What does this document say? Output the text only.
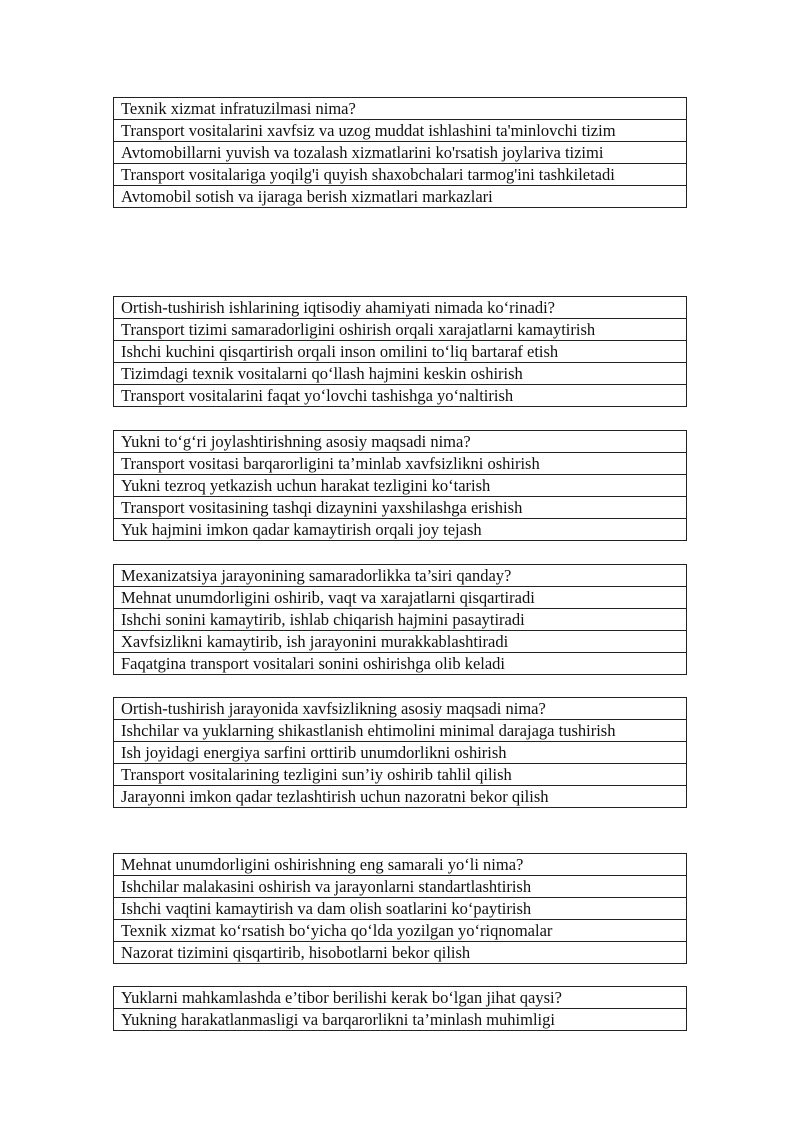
Texnik xizmat infratuzilmasi nima?
Transport vositalarini xavfsiz va uzog muddat ishlashini ta'minlovchi tizim
Avtomobillarni yuvish va tozalash xizmatlarini ko'rsatish joylariva tizimi
Transport vositalariga yoqilg'i quyish shaxobchalari tarmog'ini tashkiletadi
Avtomobil sotish va ijaraga berish xizmatlari markazlari
Ortish-tushirish ishlarining iqtisodiy ahamiyati nimada ko‘rinadi?
Transport tizimi samaradorligini oshirish orqali xarajatlarni kamaytirish
Ishchi kuchini qisqartirish orqali inson omilini to‘liq bartaraf etish
Tizimdagi texnik vositalarni qo‘llash hajmini keskin oshirish
Transport vositalarini faqat yo‘lovchi tashishga yo‘naltirish
Yukni to‘g‘ri joylashtirishning asosiy maqsadi nima?
Transport vositasi barqarorligini ta’minlab xavfsizlikni oshirish
Yukni tezroq yetkazish uchun harakat tezligini ko‘tarish
Transport vositasining tashqi dizaynini yaxshilashga erishish
Yuk hajmini imkon qadar kamaytirish orqali joy tejash
Mexanizatsiya jarayonining samaradorlikka ta’siri qanday?
Mehnat unumdorligini oshirib, vaqt va xarajatlarni qisqartiradi
Ishchi sonini kamaytirib, ishlab chiqarish hajmini pasaytiradi
Xavfsizlikni kamaytirib, ish jarayonini murakkablashtiradi
Faqatgina transport vositalari sonini oshirishga olib keladi
Ortish-tushirish jarayonida xavfsizlikning asosiy maqsadi nima?
Ishchilar va yuklarning shikastlanish ehtimolini minimal darajaga tushirish
Ish joyidagi energiya sarfini orttirib unumdorlikni oshirish
Transport vositalarining tezligini sun’iy oshirib tahlil qilish
Jarayonni imkon qadar tezlashtirish uchun nazoratni bekor qilish
Mehnat unumdorligini oshirishning eng samarali yo‘li nima?
Ishchilar malakasini oshirish va jarayonlarni standartlashtirish
Ishchi vaqtini kamaytirish va dam olish soatlarini ko‘paytirish
Texnik xizmat ko‘rsatish bo‘yicha qo‘lda yozilgan yo‘riqnomalar
Nazorat tizimini qisqartirib, hisobotlarni bekor qilish
Yuklarni mahkamlashda e’tibor berilishi kerak bo‘lgan jihat qaysi?
Yukning harakatlanmasligi va barqarorlikni ta’minlash muhimligi
